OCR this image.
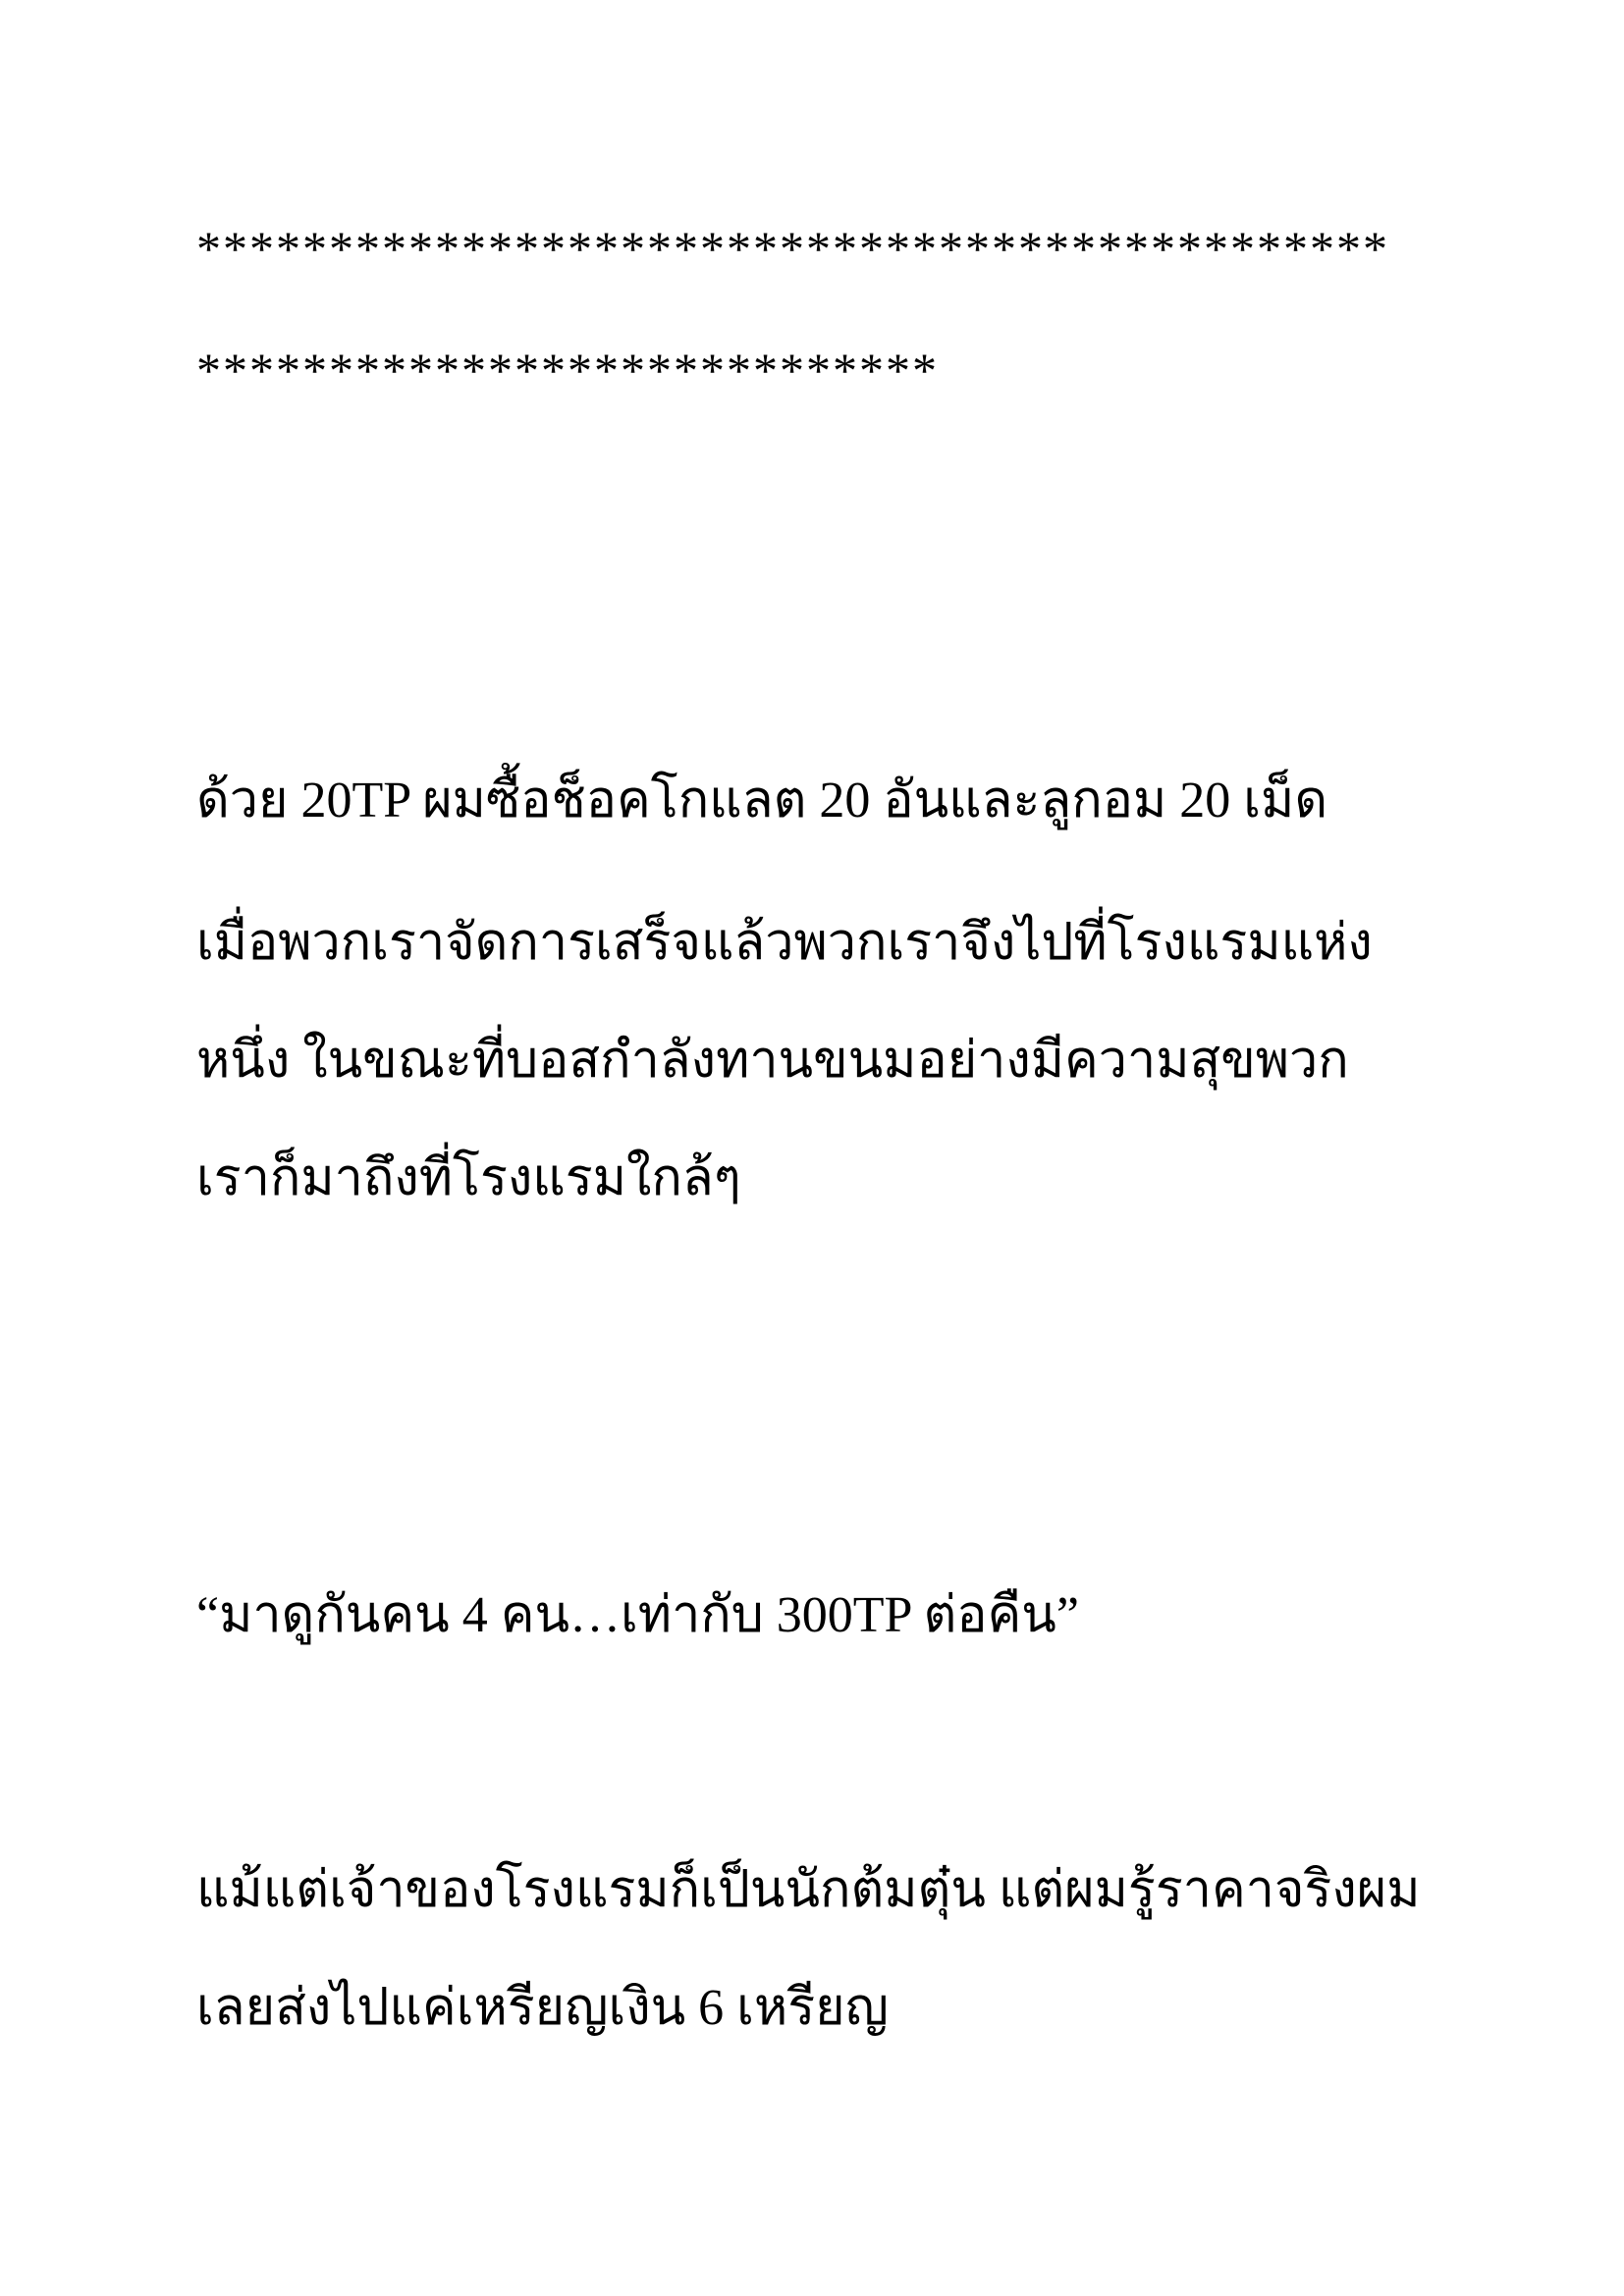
*********************************************
****************************
ด้วย 20TP ผมซื้อช็อคโกแลต 20 อันและลูกอม 20 เม็ด
เมื่อพวกเราจัดการเสร็จแล้วพวกเราจึงไปที่โรงแรมแห่ง
หนึ่ง ในขณะที่บอสกำลังทานขนมอย่างมีความสุขพวก
เราก็มาถึงที่โรงแรมใกล้ๆ
“มาดูกันคน 4 คน…เท่ากับ 300TP ต่อคืน”
แม้แต่เจ้าของโรงแรมก็เป็นนักต้มตุ๋น แต่ผมรู้ราคาจริงผม
เลยส่งไปแค่เหรียญเงิน 6 เหรียญ
